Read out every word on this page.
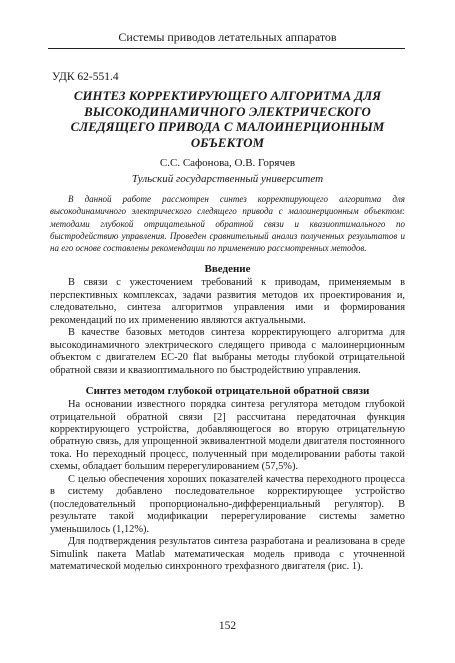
Системы приводов летательных аппаратов
УДК 62-551.4
СИНТЕЗ КОРРЕКТИРУЮЩЕГО АЛГОРИТМА ДЛЯ ВЫСОКОДИНАМИЧНОГО ЭЛЕКТРИЧЕСКОГО СЛЕДЯЩЕГО ПРИВОДА С МАЛОИНЕРЦИОННЫМ ОБЪЕКТОМ
С.С. Сафонова, О.В. Горячев
Тульский государственный университет

В данной работе рассмотрен синтез корректирующего алгоритма для высокодинамичного электрического следящего привода с малоинерционным объектом: методами глубокой отрицательной обратной связи и квазиоптимального по быстродействию управления. Проведен сравнительный анализ полученных результатов и на его основе составлены рекомендации по применению рассмотренных методов.

Введение

В связи с ужесточением требований к приводам, применяемым в перспективных комплексах, задачи развития методов их проектирования и, следовательно, синтеза алгоритмов управления ими и формирования рекомендаций по их применению являются актуальными.

В качестве базовых методов синтеза корректирующего алгоритма для высокодинамичного электрического следящего привода с малоинерционным объектом с двигателем EC-20 flat выбраны методы глубокой отрицательной обратной связи и квазиоптимального по быстродействию управления.

Синтез методом глубокой отрицательной обратной связи

На основании известного порядка синтеза регулятора методом глубокой отрицательной обратной связи [2] рассчитана передаточная функция корректирующего устройства, добавляющегося во вторую отрицательную обратную связь, для упрощенной эквивалентной модели двигателя постоянного тока. Но переходный процесс, полученный при моделировании работы такой схемы, обладает большим перерегулированием (57,5%).

С целью обеспечения хороших показателей качества переходного процесса в систему добавлено последовательное корректирующее устройство (последовательный пропорционально-дифференциальный регулятор). В результате такой модификации перерегулирование системы заметно уменьшилось (1,12%).

Для подтверждения результатов синтеза разработана и реализована в среде Simulink пакета Matlab математическая модель привода с уточненной математической моделью синхронного трехфазного двигателя (рис. 1).

152
